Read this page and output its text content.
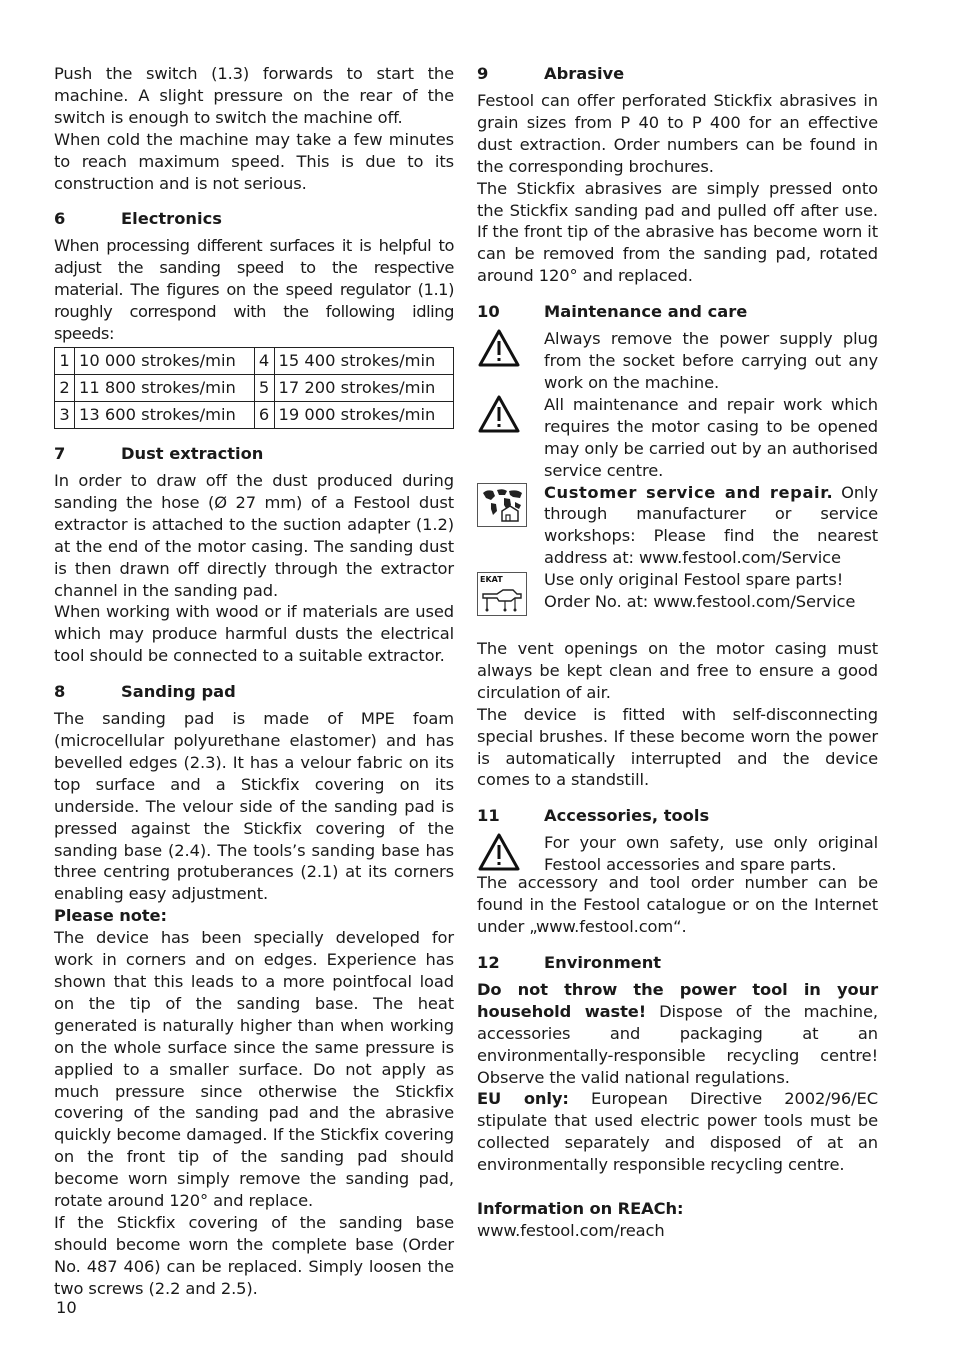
Push the switch (1.3) forwards to start the machine. A slight pressure on the rear of the switch is enough to switch the machine off.

When cold the machine may take a few minutes to reach maximum speed. This is due to its construction and is not serious.

6	Electronics

When processing different surfaces it is helpful to adjust the sanding speed to the respective material. The figures on the speed regulator (1.1) roughly correspond with the following idling speeds:

1	10 000 strokes/min	4	15 400 strokes/min
2	11 800 strokes/min	5	17 200 strokes/min
3	13 600 strokes/min	6	19 000 strokes/min
7	Dust extraction

In order to draw off the dust produced during sanding the hose (Ø 27 mm) of a Festool dust extractor is attached to the suction adapter (1.2) at the end of the motor casing. The sanding dust is then drawn off directly through the extractor channel in the sanding pad.

When working with wood or if materials are used which may produce harmful dusts the electrical tool should be connected to a suitable extractor.

8	Sanding pad

The sanding pad is made of MPE foam (microcellular polyurethane elastomer) and has bevelled edges (2.3). It has a velour fabric on its top surface and a Stickfix covering on its underside. The velour side of the sanding pad is pressed against the Stickfix covering of the sanding base (2.4). The tools’s sanding base has three centring protuberances (2.1) at its corners enabling easy adjustment.

Please note:

The device has been specially developed for work in corners and on edges. Experience has shown that this leads to a more pointfocal load on the tip of the sanding base. The heat generated is naturally higher than when working on the whole surface since the same pressure is applied to a smaller surface. Do not apply as much pressure since otherwise the Stickfix covering of the sanding pad and the abrasive quickly become damaged. If the Stickfix covering on the front tip of the sanding pad should become worn simply remove the sanding pad, rotate around 120° and replace.

If the Stickfix covering of the sanding base should become worn the complete base (Order No. 487 406) can be replaced. Simply loosen the two screws (2.2 and 2.5).

9	Abrasive

Festool can offer perforated Stickfix abrasives in grain sizes from P 40 to P 400 for an effective dust extraction. Order numbers can be found in the corresponding brochures.

The Stickfix abrasives are simply pressed onto the Stickfix sanding pad and pulled off after use. If the front tip of the abrasive has become worn it can be removed from the sanding pad, rotated around 120° and replaced.

10	Maintenance and care
Always remove the power supply plug from the socket before carrying out any work on the machine.
All maintenance and repair work which requires the motor casing to be opened may only be carried out by an authorised service centre.
Customer service and repair. Only through manufacturer or service workshops: Please find the nearest address at: www.festool.com/Service
EKAT	Use only original Festool spare parts! Order No. at: www.festool.com/Service

The vent openings on the motor casing must always be kept clean and free to ensure a good circulation of air.

The device is fitted with self-disconnecting special brushes. If these become worn the power is automatically interrupted and the device comes to a standstill.

11	Accessories, tools
For your own safety, use only original Festool accessories and spare parts.

The accessory and tool order number can be found in the Festool catalogue or on the Internet under „www.festool.com“.

12	Environment

Do not throw the power tool in your household waste! Dispose of the machine, accessories and packaging at an environmentally-responsible recycling centre! Observe the valid national regulations.

EU only: European Directive 2002/96/EC stipulate that used electric power tools must be collected separately and disposed of at an environmentally responsible recycling centre.

Information on REACh:

www.festool.com/reach

10
